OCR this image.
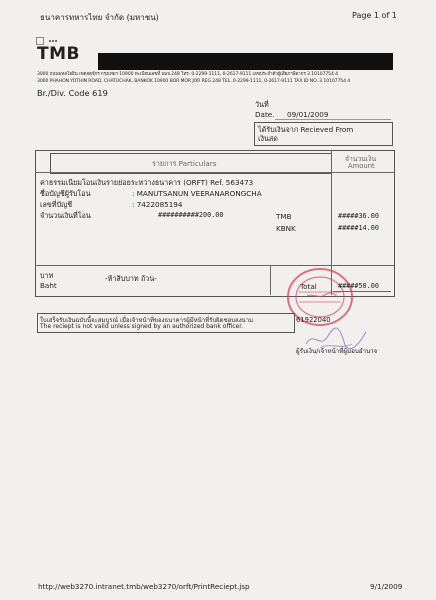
ธนาคารทหารไทย จำกัด (มหาชน)	Page 1 of 1
TMB
3000 ถนนพหลโยธิน เขตจตุจักร กรุงเทพฯ 10900 ทะเบียนเลขที่ บมจ.248 โทร. 0-2299-1111, 0-2617-9111 เลขประจำตัวผู้เสียภาษีอากร 3 10107754 4
3000 PHAHON YOTHIN ROAD, CHATUCHAK, BANKOK 10900 BOR MOR JOR REG.248 TEL. 0-2299-1111, 0-2617-9111 TAX ID NO. 3 10107754 4
Br./Div. Code 619
วันที่
Date. 09/01/2009
ได้รับเงินจาก Recieved From
เงินสด
รายการ Particulars	จำนวนเงิน
Amount
ค่าธรรมเนียมโอนเงินรายย่อยระหว่างธนาคาร (ORFT) Ref. 563473
ชื่อบัญชีผู้รับโอน	: MANUTSANUN VEERANARONGCHA
เลขที่บัญชี	: 7422085194
จำนวนเงินที่โอน	##########200.00	TMB	#####36.00
KBNK	#####14.00
บาท
Baht
-ห้าสิบบาท ถ้วน-
Total	#####50.00
ใบเสร็จรับเงินฉบับนี้จะสมบูรณ์ เมื่อเจ้าหน้าที่ของธนาคารผู้มีหน้าที่รับผิดชอบลงนาม
The reciept is not valid unless signed by an authorized bank officer.
61922040
ผู้รับเงิน/เจ้าหน้าที่ผู้มอบอำนาจ
http://web3270.intranet.tmb/web3270/orft/PrintReciept.jsp	9/1/2009
